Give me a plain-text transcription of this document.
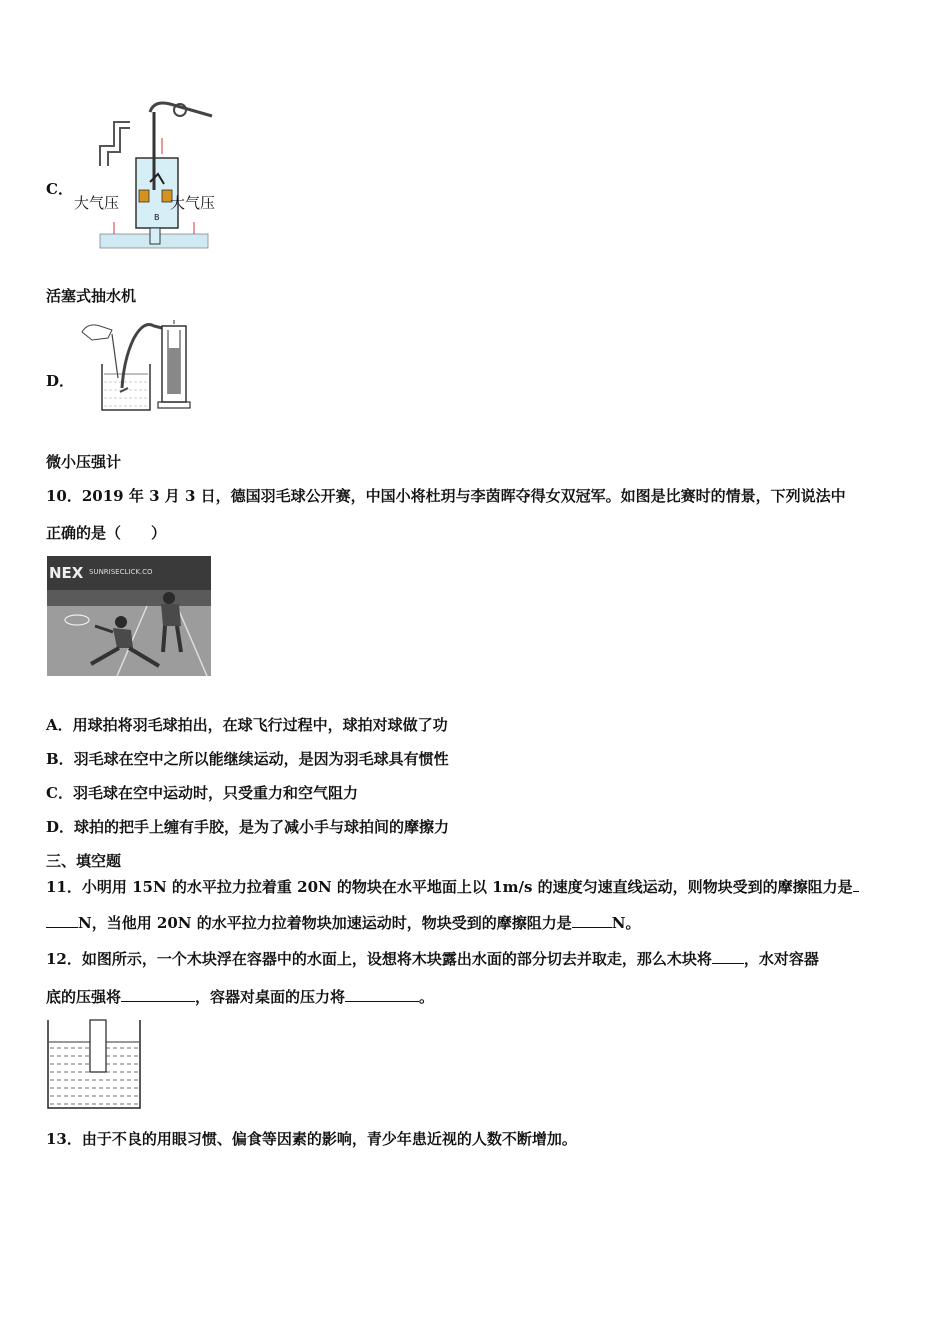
C．
大气压	大气压
B
活塞式抽水机
D．
微小压强计
10．2019 年 3 月 3 日，德国羽毛球公开赛，中国小将杜玥与李茵晖夺得女双冠军。如图是比赛时的情景，下列说法中
正确的是（　　）
NEX SUNRISECLICK.CO
A．用球拍将羽毛球拍出，在球飞行过程中，球拍对球做了功
B．羽毛球在空中之所以能继续运动，是因为羽毛球具有惯性
C．羽毛球在空中运动时，只受重力和空气阻力
D．球拍的把手上缠有手胶，是为了减小手与球拍间的摩擦力
三、填空题
11．小明用 15N 的水平拉力拉着重 20N 的物块在水平地面上以 1m/s 的速度匀速直线运动，则物块受到的摩擦阻力是
N，当他用 20N 的水平拉力拉着物块加速运动时，物块受到的摩擦阻力是	N。
12．如图所示，一个木块浮在容器中的水面上，设想将木块露出水面的部分切去并取走，那么木块将 ，水对容器
底的压强将	，容器对桌面的压力将	。
13．由于不良的用眼习惯、偏食等因素的影响，青少年患近视的人数不断增加。
